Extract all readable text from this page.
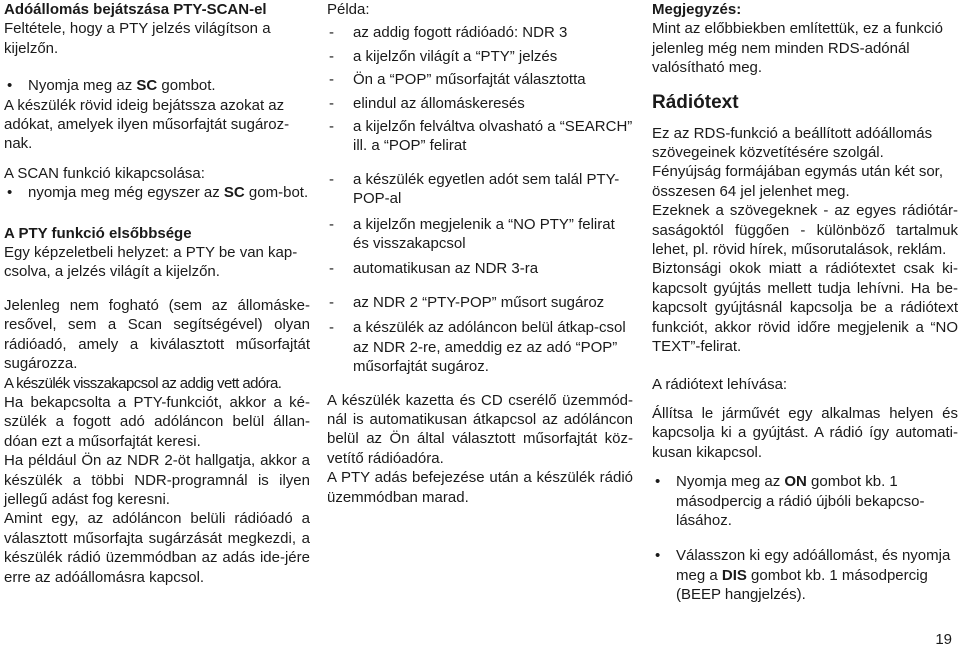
Adóállomás bejátszása PTY-SCAN-el

Feltétele, hogy a PTY jelzés világítson a kijelzőn.

• Nyomja meg az SC gombot.

A készülék rövid ideig bejátssza azokat az adókat, amelyek ilyen műsorfajtát sugároz-nak.

A SCAN funkció kikapcsolása:

• nyomja meg még egyszer az SC gom-bot.

A PTY funkció elsőbbsége

Egy képzeletbeli helyzet: a PTY be van kap-csolva, a jelzés világít a kijelzőn.

Jelenleg nem fogható (sem az állomáske-resővel, sem a Scan segítségével) olyan rádióadó, amely a kiválasztott műsorfajtát sugározza.

A készülék visszakapcsol az addig vett adóra.

Ha bekapcsolta a PTY-funkciót, akkor a ké-szülék a fogott adó adóláncon belül állan-dóan ezt a műsorfajtát keresi.

Ha például Ön az NDR 2-öt hallgatja, akkor a készülék a többi NDR-programnál is ilyen jellegű adást fog keresni.

Amint egy, az adóláncon belüli rádióadó a választott műsorfajta sugárzását megkezdi, a készülék rádió üzemmódban az adás ide-jére erre az adóállomásra kapcsol.

Példa:

- az addig fogott rádióadó: NDR 3
- a kijelzőn világít a “PTY” jelzés
- Ön a “POP” műsorfajtát választotta
- elindul az állomáskeresés
- a kijelzőn felváltva olvasható a “SEARCH” ill. a “POP” felirat
- a készülék egyetlen adót sem talál PTY-POP-al
- a kijelzőn megjelenik a “NO PTY” felirat és visszakapcsol
- automatikusan az NDR 3-ra
- az NDR 2 “PTY-POP” műsort sugároz
- a készülék az adóláncon belül átkap-csol az NDR 2-re, ameddig ez az adó “POP” műsorfajtát sugároz.

A készülék kazetta és CD cserélő üzemmód-nál is automatikusan átkapcsol az adóláncon belül az Ön által választott műsorfajtát köz-vetítő rádióadóra.

A PTY adás befejezése után a készülék rádió üzemmódban marad.

Megjegyzés:

Mint az előbbiekben említettük, ez a funkció jelenleg még nem minden RDS-adónál valósítható meg.

Rádiótext

Ez az RDS-funkció a beállított adóállomás szövegeinek közvetítésére szolgál.

Fényújság formájában egymás után két sor, összesen 64 jel jelenhet meg.

Ezeknek a szövegeknek - az egyes rádiótár-saságoktól függően - különböző tartalmuk lehet, pl. rövid hírek, műsorutalások, reklám.

Biztonsági okok miatt a rádiótextet csak ki-kapcsolt gyújtás mellett tudja lehívni. Ha be-kapcsolt gyújtásnál kapcsolja be a rádiótext funkciót, akkor rövid időre megjelenik a “NO TEXT”-felirat.

A rádiótext lehívása:

Állítsa le járművét egy alkalmas helyen és kapcsolja ki a gyújtást. A rádió így automati-kusan kikapcsol.

• Nyomja meg az ON gombot kb. 1 másodpercig a rádió újbóli bekapcso-lásához.
• Válasszon ki egy adóállomást, és nyomja meg a DIS gombot kb. 1 másodpercig (BEEP hangjelzés).
19
